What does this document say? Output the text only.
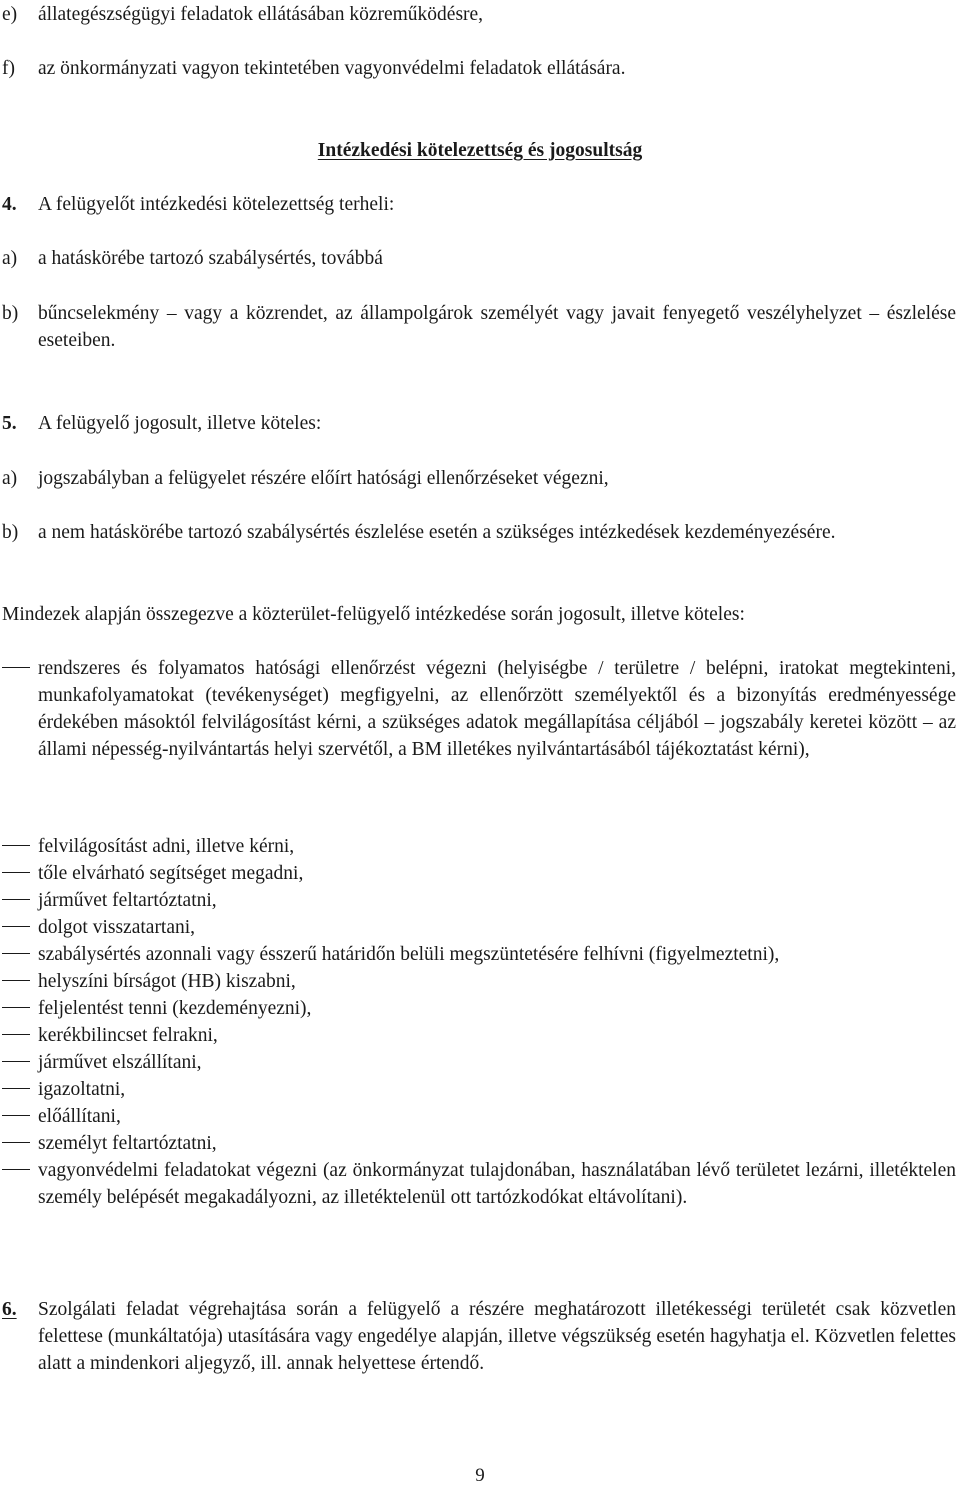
e)	állategészségügyi feladatok ellátásában közreműködésre,
f)	az önkormányzati vagyon tekintetében vagyonvédelmi feladatok ellátására.
Intézkedési kötelezettség és jogosultság
4.	A felügyelőt intézkedési kötelezettség terheli:
a)	a hatáskörébe tartozó szabálysértés, továbbá
b)	bűncselekmény – vagy a közrendet, az állampolgárok személyét vagy javait fenyegető veszélyhelyzet – észlelése eseteiben.
5.	A felügyelő jogosult, illetve köteles:
a)	jogszabályban a felügyelet részére előírt hatósági ellenőrzéseket végezni,
b)	a nem hatáskörébe tartozó szabálysértés észlelése esetén a szükséges intézkedések kezdeményezésére.
Mindezek alapján összegezve a közterület-felügyelő intézkedése során jogosult, illetve köteles:
rendszeres és folyamatos hatósági ellenőrzést végezni (helyiségbe / területre / belépni, iratokat megtekinteni, munkafolyamatokat (tevékenységet) megfigyelni, az ellenőrzött személyektől és a bizonyítás eredményessége érdekében másoktól felvilágosítást kérni, a szükséges adatok megállapítása céljából – jogszabály keretei között – az állami népesség-nyilvántartás helyi szervétől, a BM illetékes nyilvántartásából tájékoztatást kérni),
felvilágosítást adni, illetve kérni,
tőle elvárható segítséget megadni,
járművet feltartóztatni,
dolgot visszatartani,
szabálysértés azonnali vagy ésszerű határidőn belüli megszüntetésére felhívni (figyelmeztetni),
helyszíni bírságot (HB) kiszabni,
feljelentést tenni (kezdeményezni),
kerékbilincset felrakni,
járművet elszállítani,
igazoltatni,
előállítani,
személyt feltartóztatni,
vagyonvédelmi feladatokat végezni (az önkormányzat tulajdonában, használatában lévő területet lezárni, illetéktelen személy belépését megakadályozni, az illetéktelenül ott tartózkodókat eltávolítani).
6.	Szolgálati feladat végrehajtása során a felügyelő a részére meghatározott illetékességi területét csak közvetlen felettese (munkáltatója) utasítására vagy engedélye alapján, illetve végszükség esetén hagyhatja el. Közvetlen felettes alatt a mindenkori aljegyző, ill. annak helyettese értendő.
9
